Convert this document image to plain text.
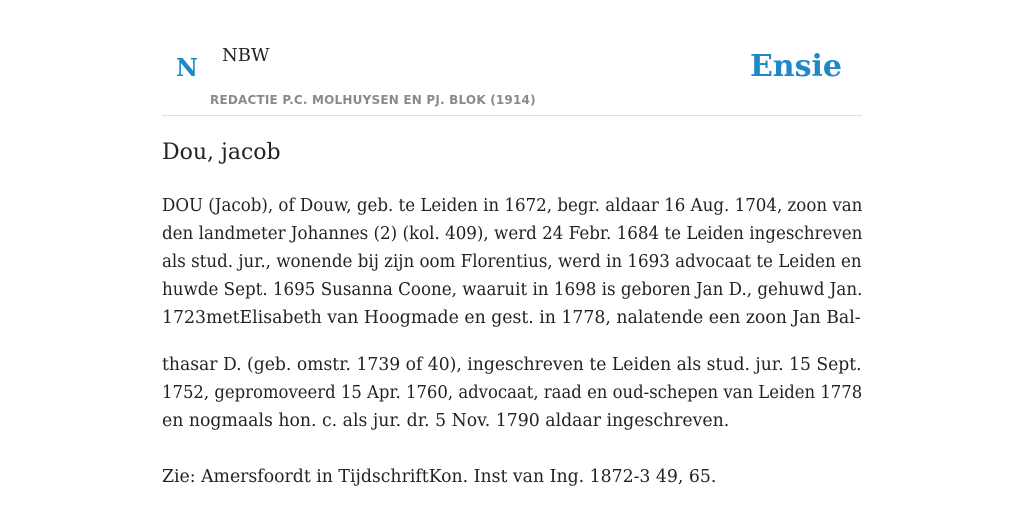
N NBW
REDACTIE P.C. MOLHUYSEN EN PJ. BLOK (1914)
Ensie
Dou, jacob

DOU (Jacob), of Douw, geb. te Leiden in 1672, begr. aldaar 16 Aug. 1704, zoon van
den landmeter Johannes (2) (kol. 409), werd 24 Febr. 1684 te Leiden ingeschreven
als stud. jur., wonende bij zijn oom Florentius, werd in 1693 advocaat te Leiden en
huwde Sept. 1695 Susanna Coone, waaruit in 1698 is geboren Jan D., gehuwd Jan.
1723metElisabeth van Hoogmade en gest. in 1778, nalatende een zoon Jan Bal-

thasar D. (geb. omstr. 1739 of 40), ingeschreven te Leiden als stud. jur. 15 Sept.
1752, gepromoveerd 15 Apr. 1760, advocaat, raad en oud-schepen van Leiden 1778
en nogmaals hon. c. als jur. dr. 5 Nov. 1790 aldaar ingeschreven.

Zie: Amersfoordt in TijdschriftKon. Inst van Ing. 1872-3 49, 65.
